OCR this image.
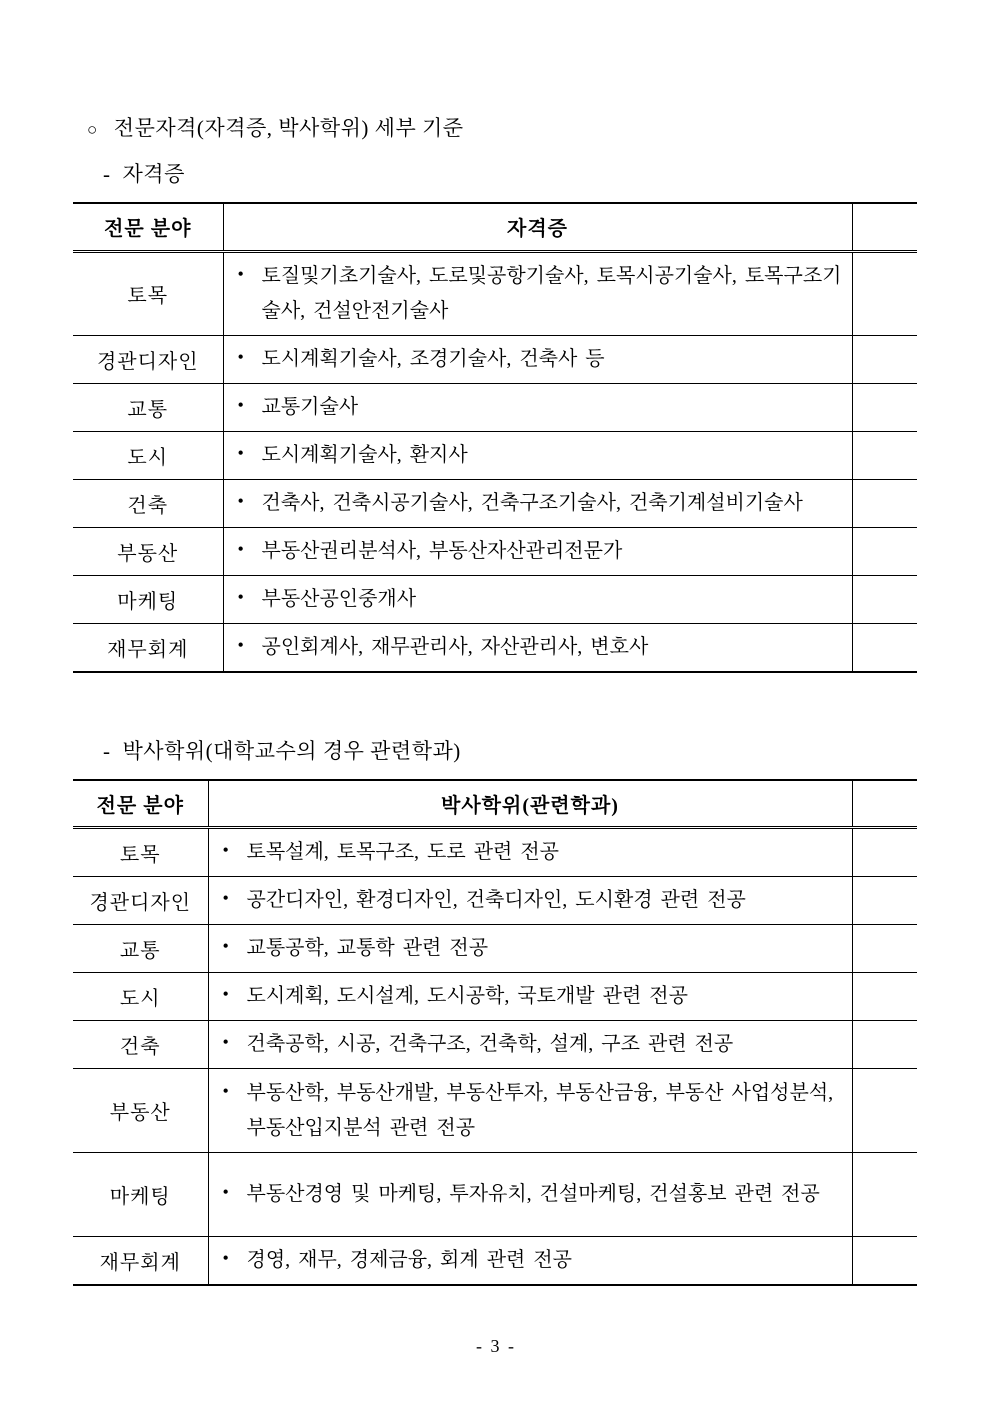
○ 전문자격(자격증, 박사학위) 세부 기준
- 자격증
전문 분야	자격증	
토목	• 토질및기초기술사, 도로및공항기술사, 토목시공기술사, 토목구조기술사, 건설안전기술사	

경관디자인	• 도시계획기술사, 조경기술사, 건축사 등	

교통	• 교통기술사	

도시	• 도시계획기술사, 환지사	

건축	• 건축사, 건축시공기술사, 건축구조기술사, 건축기계설비기술사	

부동산	• 부동산권리분석사, 부동산자산관리전문가	

마케팅	• 부동산공인중개사	

재무회계	• 공인회계사, 재무관리사, 자산관리사, 변호사	

- 박사학위(대학교수의 경우 관련학과)
전문 분야	박사학위(관련학과)	
토목	• 토목설계, 토목구조, 도로 관련 전공	

경관디자인	• 공간디자인, 환경디자인, 건축디자인, 도시환경 관련 전공	

교통	• 교통공학, 교통학 관련 전공	

도시	• 도시계획, 도시설계, 도시공학, 국토개발 관련 전공	

건축	• 건축공학, 시공, 건축구조, 건축학, 설계, 구조 관련 전공	

부동산	• 부동산학, 부동산개발, 부동산투자, 부동산금융, 부동산 사업성분석, 부동산입지분석 관련 전공	

마케팅	• 부동산경영 및 마케팅, 투자유치, 건설마케팅, 건설홍보 관련 전공	

재무회계	• 경영, 재무, 경제금융, 회계 관련 전공	

- 3 -
